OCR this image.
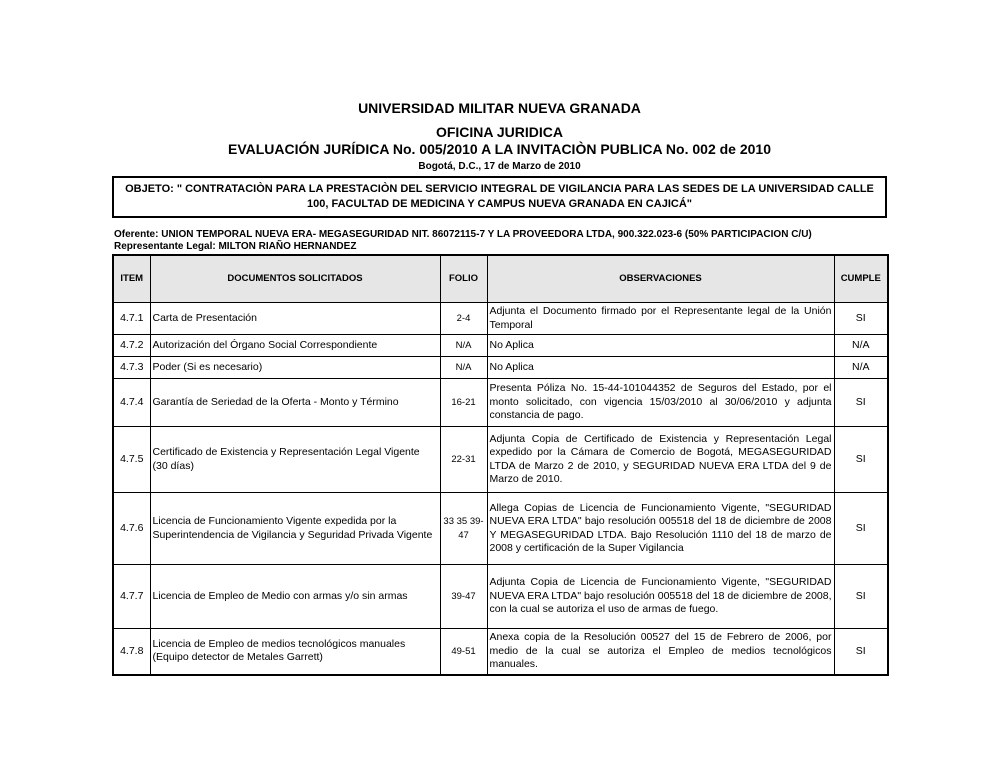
UNIVERSIDAD MILITAR NUEVA GRANADA
OFICINA JURIDICA
EVALUACIÓN JURÍDICA No. 005/2010 A LA INVITACIÒN PUBLICA No. 002 de 2010
Bogotá, D.C., 17 de Marzo de 2010
OBJETO: " CONTRATACIÒN PARA LA PRESTACIÒN DEL SERVICIO INTEGRAL DE VIGILANCIA PARA LAS SEDES DE LA UNIVERSIDAD CALLE 100, FACULTAD DE MEDICINA Y CAMPUS NUEVA GRANADA EN CAJICÁ"
Oferente: UNION TEMPORAL NUEVA ERA- MEGASEGURIDAD NIT. 86072115-7 Y LA PROVEEDORA LTDA, 900.322.023-6 (50% PARTICIPACION C/U)
Representante Legal: MILTON RIAÑO HERNANDEZ
ITEM	DOCUMENTOS SOLICITADOS	FOLIO	OBSERVACIONES	CUMPLE
4.7.1	Carta de Presentación	2-4	Adjunta el Documento firmado por el Representante legal de la Unión Temporal	SI
4.7.2	Autorización del Órgano Social Correspondiente	N/A	No Aplica	N/A
4.7.3	Poder (Si es necesario)	N/A	No Aplica	N/A
4.7.4	Garantía de Seriedad de la Oferta - Monto y Término	16-21	Presenta Póliza No. 15-44-101044352 de Seguros del Estado, por el monto solicitado, con vigencia 15/03/2010 al 30/06/2010 y adjunta constancia de pago.	SI
4.7.5	Certificado de Existencia y Representación Legal Vigente (30 días)	22-31	Adjunta Copia de Certificado de Existencia y Representación Legal expedido por la Cámara de Comercio de Bogotá, MEGASEGURIDAD LTDA de Marzo 2 de 2010, y SEGURIDAD NUEVA ERA LTDA del 9 de Marzo de 2010.	SI
4.7.6	Licencia de Funcionamiento Vigente expedida por la Superintendencia de Vigilancia y Seguridad Privada Vigente	33 35 39-47	Allega Copias de Licencia de Funcionamiento Vigente, "SEGURIDAD NUEVA ERA LTDA" bajo resolución 005518 del 18 de diciembre de 2008 Y MEGASEGURIDAD LTDA. Bajo Resolución 1110 del 18 de marzo de 2008 y certificación de la Super Vigilancia	SI
4.7.7	Licencia de Empleo de Medio con armas y/o sin armas	39-47	Adjunta Copia de Licencia de Funcionamiento Vigente, "SEGURIDAD NUEVA ERA LTDA" bajo resolución 005518 del 18 de diciembre de 2008, con la cual se autoriza el uso de armas de fuego.	SI
4.7.8	Licencia de Empleo de medios tecnológicos manuales (Equipo detector de Metales Garrett)	49-51	Anexa copia de la Resolución 00527 del 15 de Febrero de 2006, por medio de la cual se autoriza el Empleo de medios tecnológicos manuales.	SI
